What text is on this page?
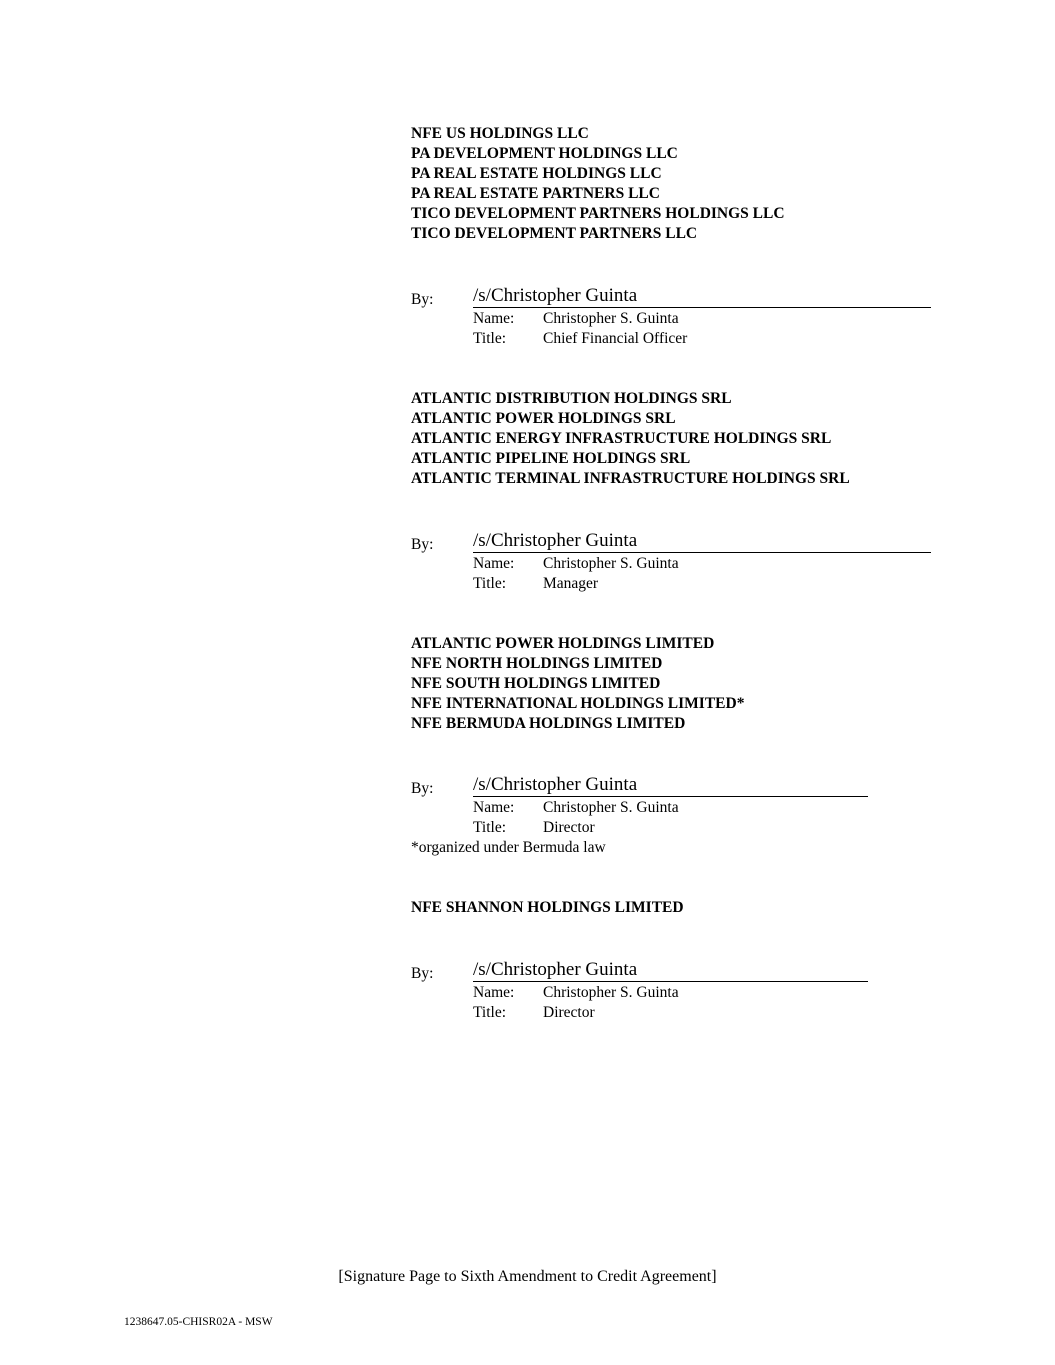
NFE US HOLDINGS LLC
PA DEVELOPMENT HOLDINGS LLC
PA REAL ESTATE HOLDINGS LLC
PA REAL ESTATE PARTNERS LLC
TICO DEVELOPMENT PARTNERS HOLDINGS LLC
TICO DEVELOPMENT PARTNERS LLC
By: /s/Christopher Guinta
Name: Christopher S. Guinta
Title: Chief Financial Officer
ATLANTIC DISTRIBUTION HOLDINGS SRL
ATLANTIC POWER HOLDINGS SRL
ATLANTIC ENERGY INFRASTRUCTURE HOLDINGS SRL
ATLANTIC PIPELINE HOLDINGS SRL
ATLANTIC TERMINAL INFRASTRUCTURE HOLDINGS SRL
By: /s/Christopher Guinta
Name: Christopher S. Guinta
Title: Manager
ATLANTIC POWER HOLDINGS LIMITED
NFE NORTH HOLDINGS LIMITED
NFE SOUTH HOLDINGS LIMITED
NFE INTERNATIONAL HOLDINGS LIMITED*
NFE BERMUDA HOLDINGS LIMITED
By: /s/Christopher Guinta
Name: Christopher S. Guinta
Title: Director
*organized under Bermuda law
NFE SHANNON HOLDINGS LIMITED
By: /s/Christopher Guinta
Name: Christopher S. Guinta
Title: Director
[Signature Page to Sixth Amendment to Credit Agreement]
1238647.05-CHISR02A - MSW
